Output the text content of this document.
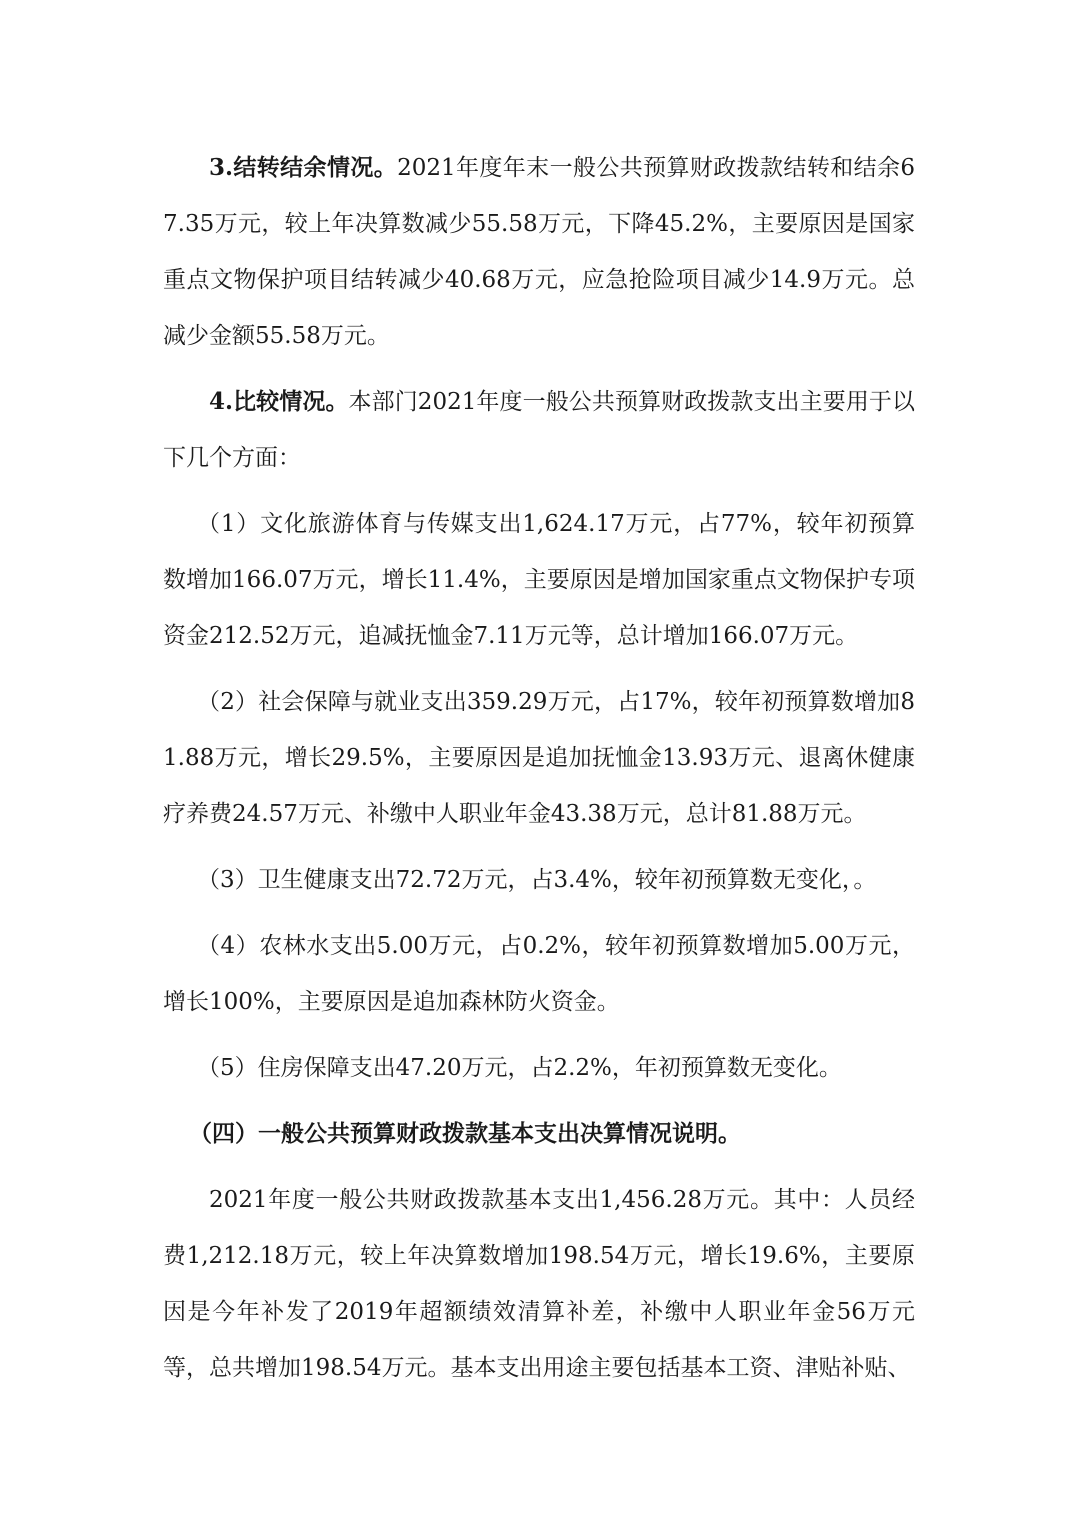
3.结转结余情况。2021年度年末一般公共预算财政拨款结转和结余67.35万元，较上年决算数减少55.58万元，下降45.2%，主要原因是国家重点文物保护项目结转减少40.68万元，应急抢险项目减少14.9万元。总减少金额55.58万元。

4.比较情况。本部门2021年度一般公共预算财政拨款支出主要用于以下几个方面：

（1）文化旅游体育与传媒支出1,624.17万元，占77%，较年初预算数增加166.07万元，增长11.4%，主要原因是增加国家重点文物保护专项资金212.52万元，追减抚恤金7.11万元等，总计增加166.07万元。

（2）社会保障与就业支出359.29万元，占17%，较年初预算数增加81.88万元，增长29.5%，主要原因是追加抚恤金13.93万元、退离休健康疗养费24.57万元、补缴中人职业年金43.38万元，总计81.88万元。

（3）卫生健康支出72.72万元，占3.4%，较年初预算数无变化，。

（4）农林水支出5.00万元，占0.2%，较年初预算数增加5.00万元，增长100%，主要原因是追加森林防火资金。

（5）住房保障支出47.20万元，占2.2%，年初预算数无变化。

（四）一般公共预算财政拨款基本支出决算情况说明。

2021年度一般公共财政拨款基本支出1,456.28万元。其中：人员经费1,212.18万元，较上年决算数增加198.54万元，增长19.6%，主要原因是今年补发了2019年超额绩效清算补差，补缴中人职业年金56万元等，总共增加198.54万元。基本支出用途主要包括基本工资、津贴补贴、
